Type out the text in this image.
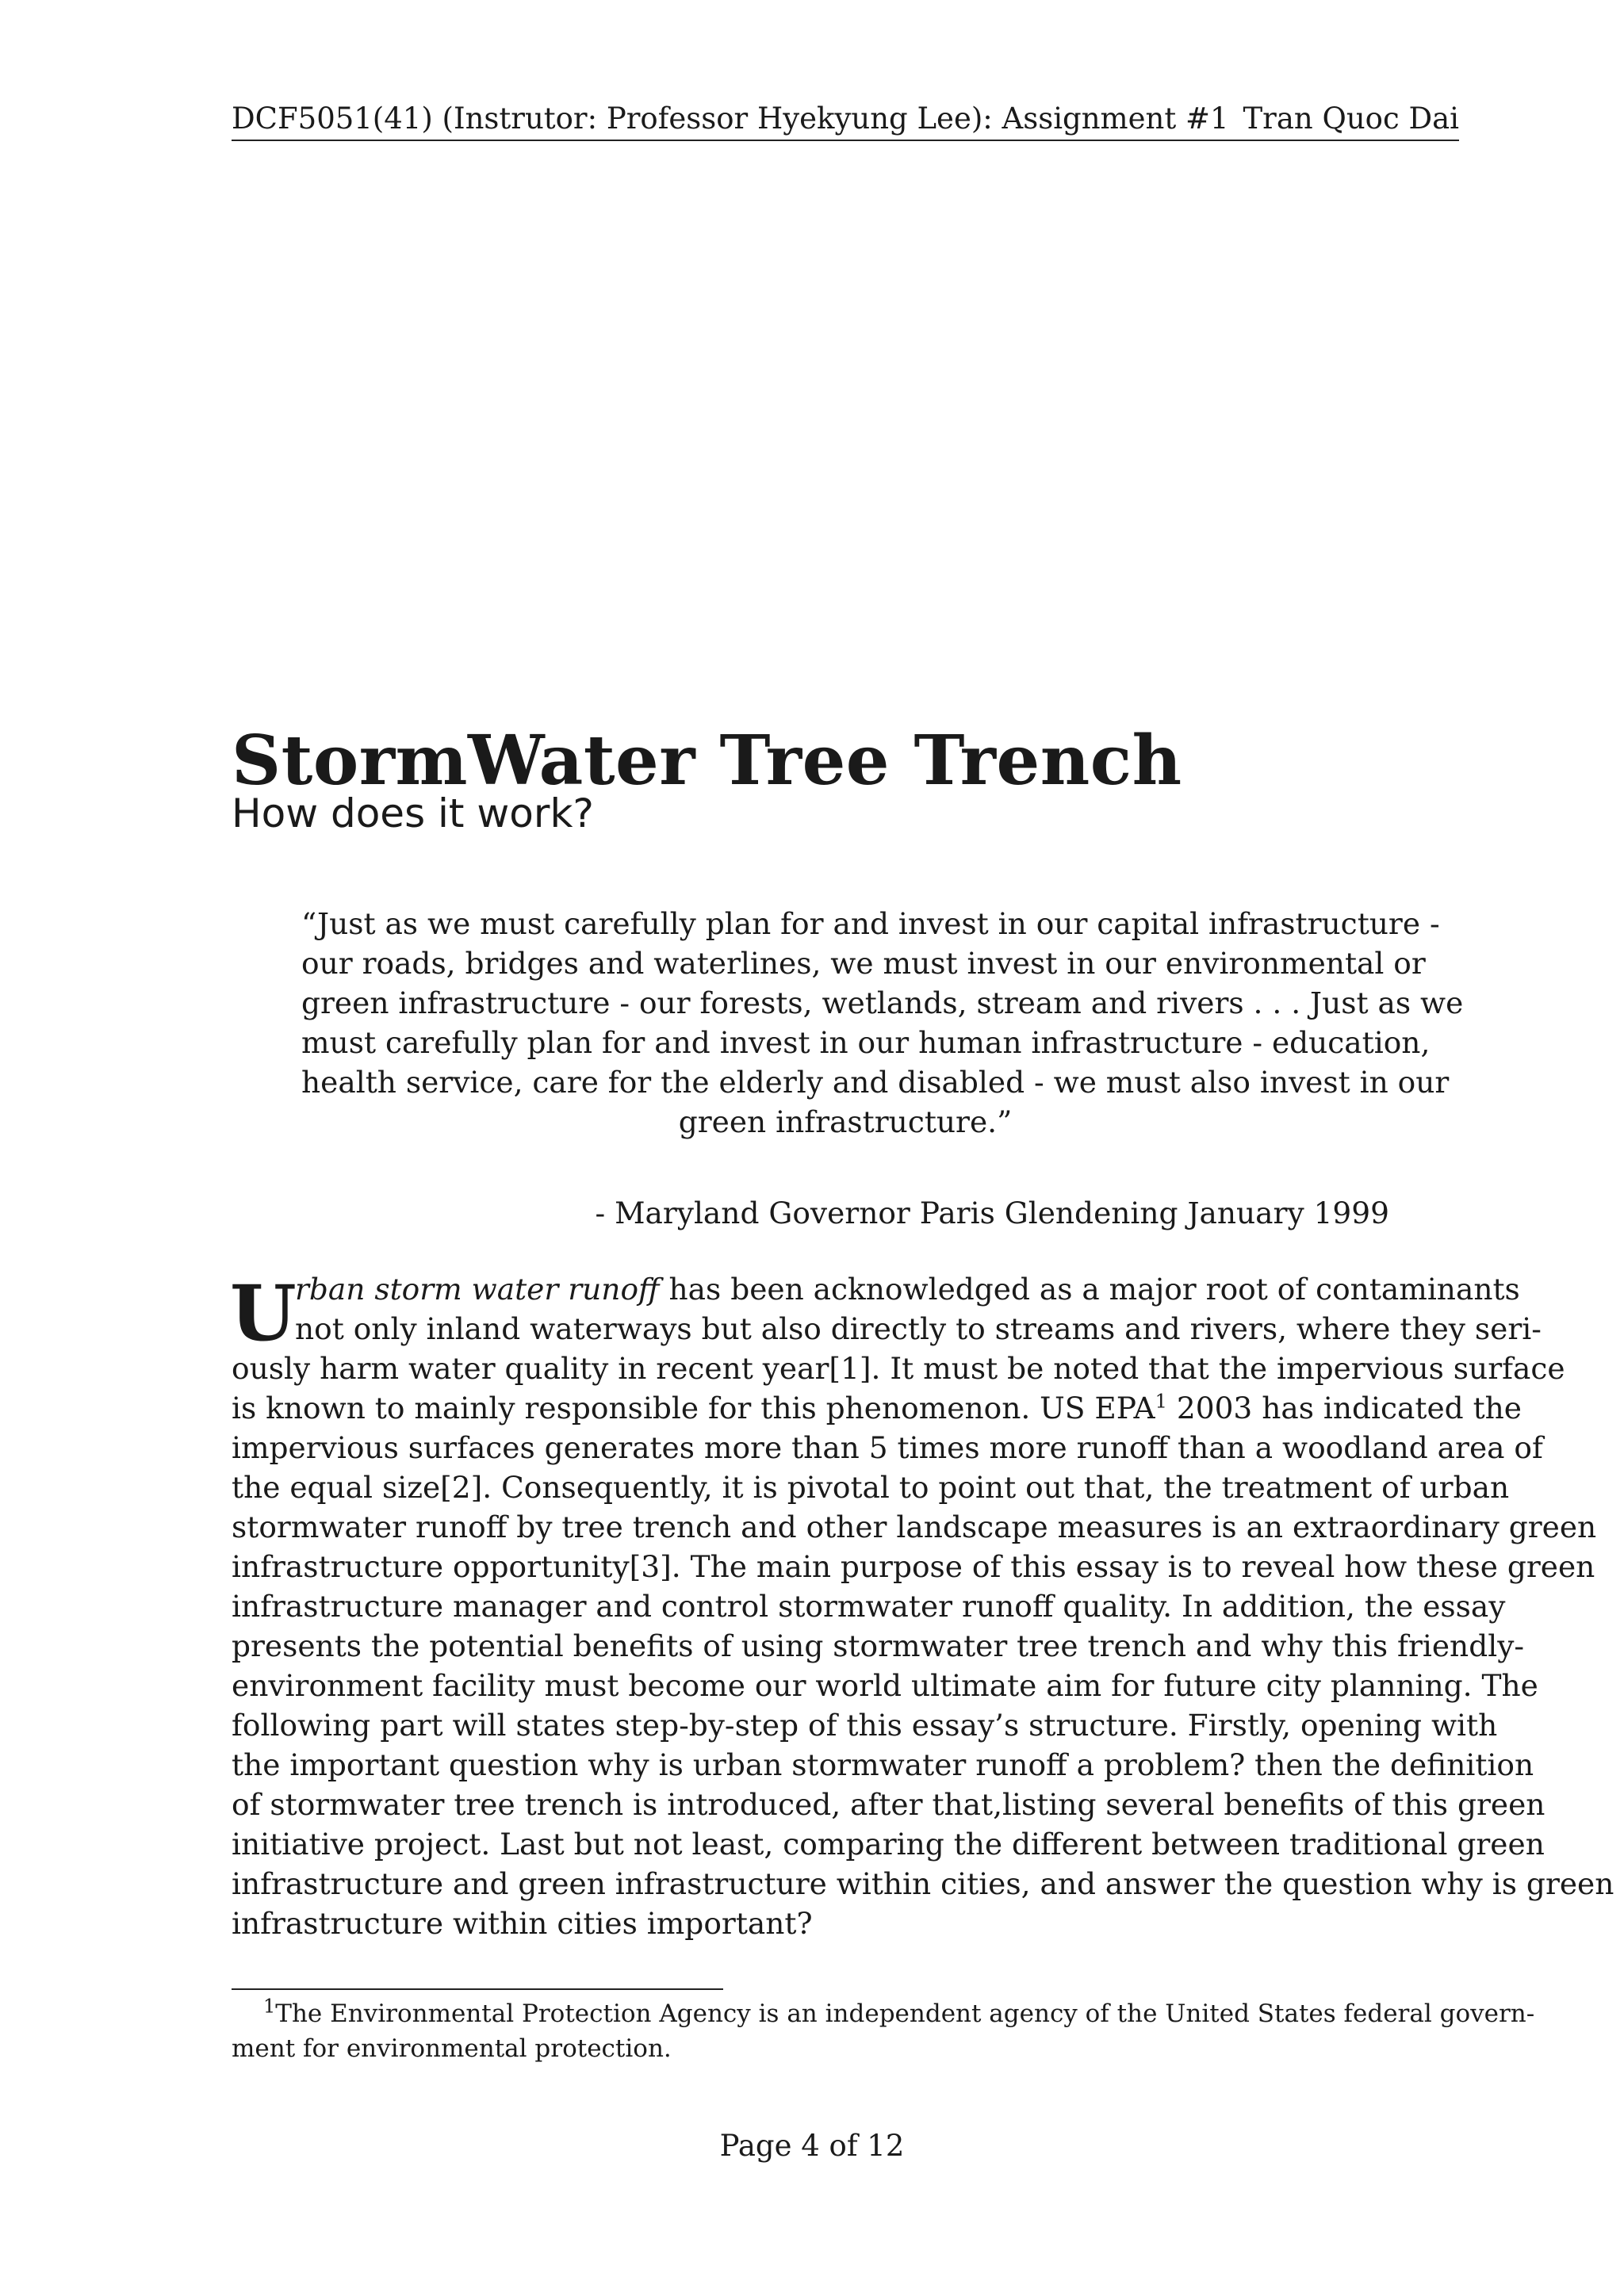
DCF5051(41) (Instrutor: Professor Hyekyung Lee): Assignment #1 Tran Quoc Dai
StormWater Tree Trench
How does it work?
“Just as we must carefully plan for and invest in our capital infrastructure -
our roads, bridges and waterlines, we must invest in our environmental or
green infrastructure - our forests, wetlands, stream and rivers . . . Just as we
must carefully plan for and invest in our human infrastructure - education,
health service, care for the elderly and disabled - we must also invest in our
green infrastructure.”
- Maryland Governor Paris Glendening January 1999
U
rban storm water runoff has been acknowledged as a major root of contaminants
not only inland waterways but also directly to streams and rivers, where they seri-
ously harm water quality in recent year[1]. It must be noted that the impervious surface
is known to mainly responsible for this phenomenon. US EPA$^1$ 2003 has indicated the
impervious surfaces generates more than 5 times more runoff than a woodland area of
the equal size[2]. Consequently, it is pivotal to point out that, the treatment of urban
stormwater runoff by tree trench and other landscape measures is an extraordinary green
infrastructure opportunity[3]. The main purpose of this essay is to reveal how these green
infrastructure manager and control stormwater runoff quality. In addition, the essay
presents the potential benefits of using stormwater tree trench and why this friendly-
environment facility must become our world ultimate aim for future city planning. The
following part will states step-by-step of this essay’s structure. Firstly, opening with
the important question why is urban stormwater runoff a problem? then the definition
of stormwater tree trench is introduced, after that,listing several benefits of this green
initiative project. Last but not least, comparing the different between traditional green
infrastructure and green infrastructure within cities, and answer the question why is green
infrastructure within cities important?
$^1$The Environmental Protection Agency is an independent agency of the United States federal govern-
ment for environmental protection.
Page 4 of 12
